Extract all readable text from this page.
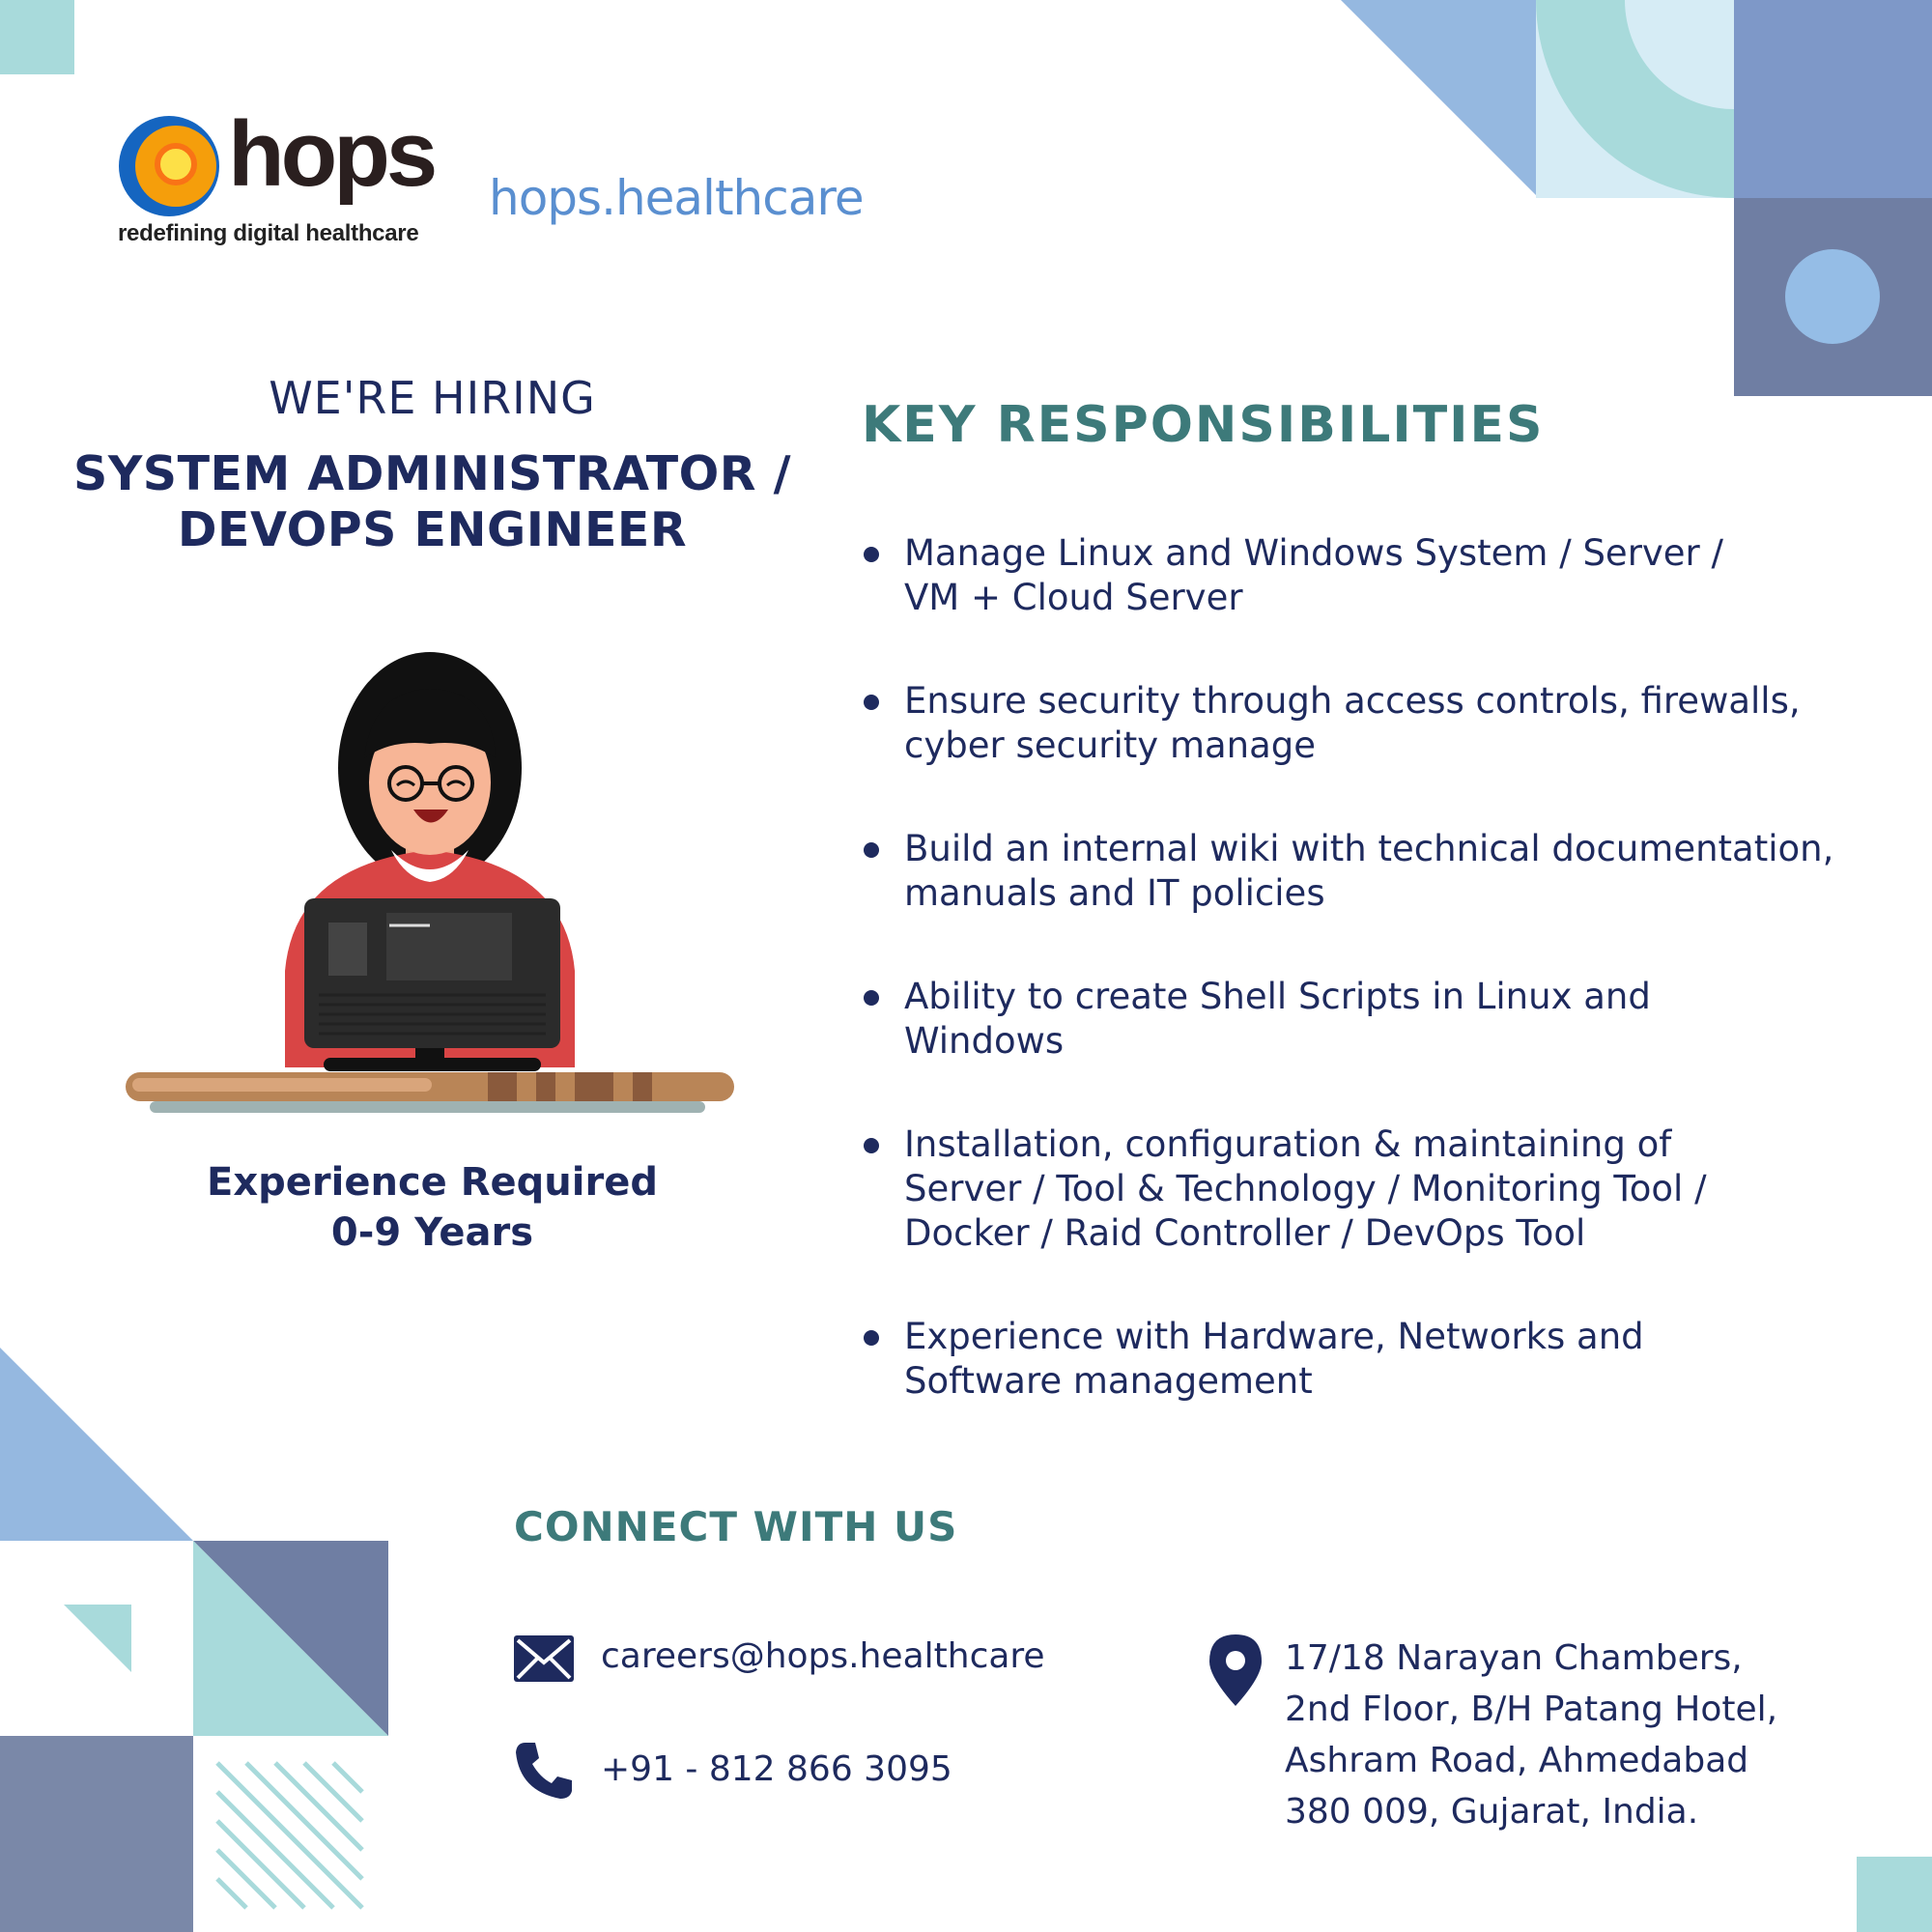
hops
redefining digital healthcare
hops.healthcare
WE'RE HIRING
SYSTEM ADMINISTRATOR /
DEVOPS ENGINEER
Experience Required
0-9 Years
KEY RESPONSIBILITIES
Manage Linux and Windows System / Server /
VM + Cloud Server
Ensure security through access controls, firewalls,
cyber security manage
Build an internal wiki with technical documentation,
manuals and IT policies
Ability to create Shell Scripts in Linux and
Windows
Installation, configuration & maintaining of
Server / Tool & Technology / Monitoring Tool /
Docker / Raid Controller / DevOps Tool
Experience with Hardware, Networks and
Software management
CONNECT WITH US
careers@hops.healthcare
+91 - 812 866 3095
17/18 Narayan Chambers,
2nd Floor, B/H Patang Hotel,
Ashram Road, Ahmedabad
380 009, Gujarat, India.
